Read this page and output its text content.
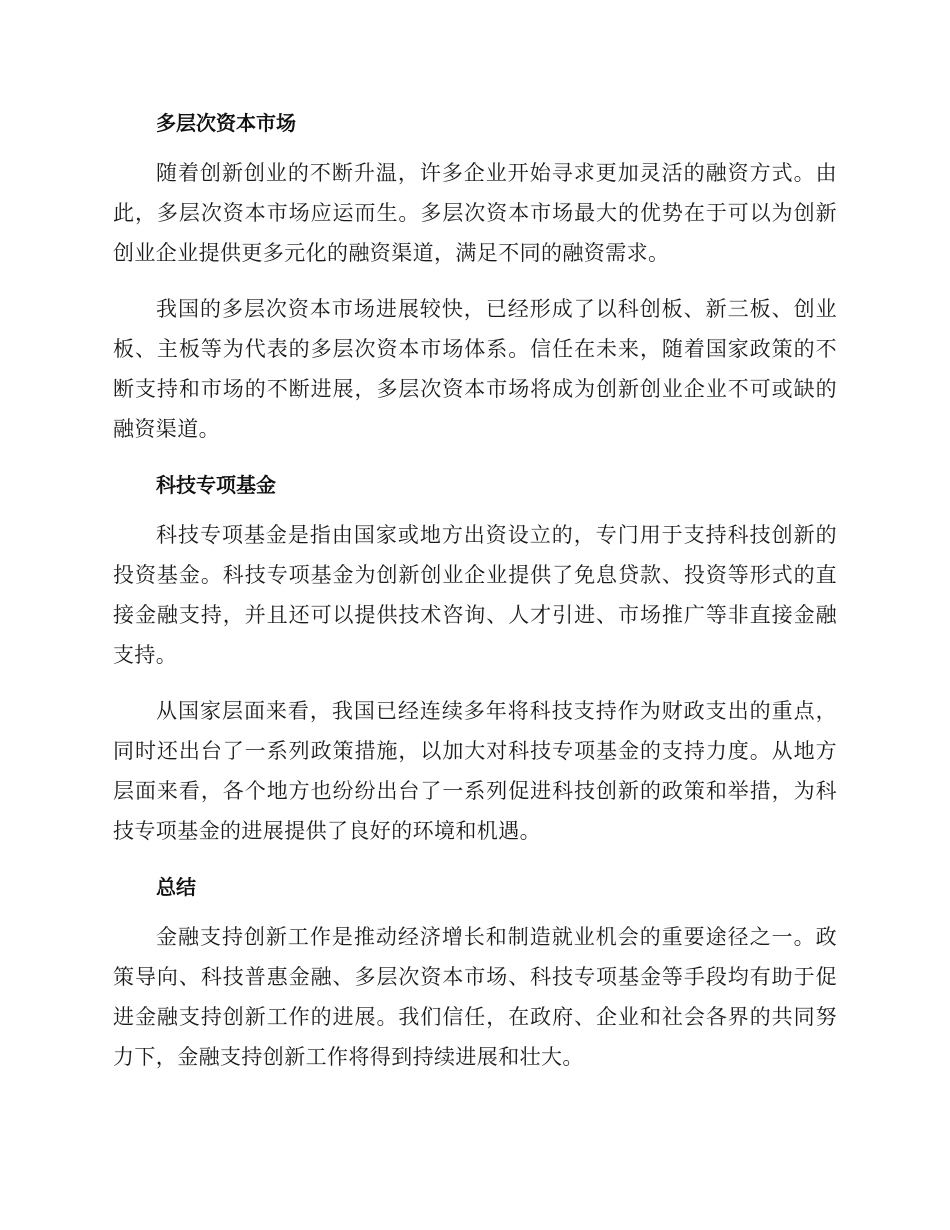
多层次资本市场

随着创新创业的不断升温，许多企业开始寻求更加灵活的融资方式。由此，多层次资本市场应运而生。多层次资本市场最大的优势在于可以为创新创业企业提供更多元化的融资渠道，满足不同的融资需求。

我国的多层次资本市场进展较快，已经形成了以科创板、新三板、创业板、主板等为代表的多层次资本市场体系。信任在未来，随着国家政策的不断支持和市场的不断进展，多层次资本市场将成为创新创业企业不可或缺的融资渠道。

科技专项基金

科技专项基金是指由国家或地方出资设立的，专门用于支持科技创新的投资基金。科技专项基金为创新创业企业提供了免息贷款、投资等形式的直接金融支持，并且还可以提供技术咨询、人才引进、市场推广等非直接金融支持。

从国家层面来看，我国已经连续多年将科技支持作为财政支出的重点，同时还出台了一系列政策措施，以加大对科技专项基金的支持力度。从地方层面来看，各个地方也纷纷出台了一系列促进科技创新的政策和举措，为科技专项基金的进展提供了良好的环境和机遇。

总结

金融支持创新工作是推动经济增长和制造就业机会的重要途径之一。政策导向、科技普惠金融、多层次资本市场、科技专项基金等手段均有助于促进金融支持创新工作的进展。我们信任，在政府、企业和社会各界的共同努力下，金融支持创新工作将得到持续进展和壮大。
